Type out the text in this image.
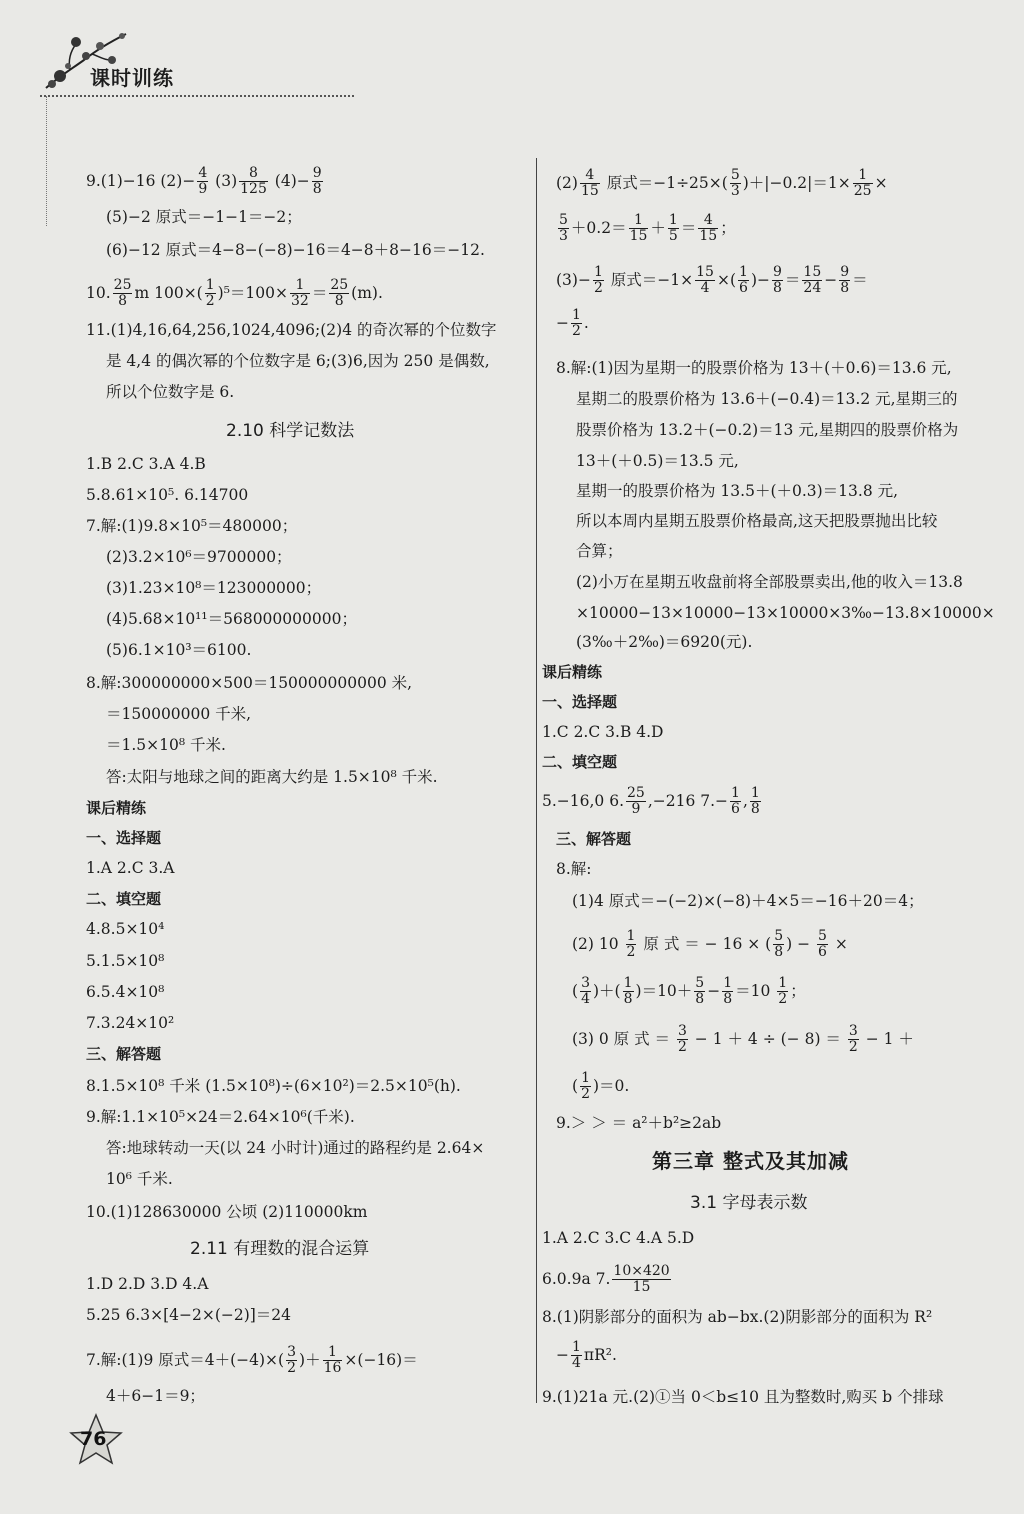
课时训练
9.(1)−16 $(2)- \frac{4}{9} (3) \frac{8}{125} (4)- \frac{9}{8}$
(5)−2 原式＝−1−1＝−2；
(6)−12 原式＝4−8−(−8)−16＝4−8＋8−16＝−12.
10. $\frac{25}{8}$ m $100\times( \frac{1}{2} )^5=100\times \frac{1}{32} = \frac{25}{8} (m)$.
11.(1)4,16,64,256,1024,4096;(2)4 的奇次幂的个位数字
是 4,4 的偶次幂的个位数字是 6;(3)6,因为 250 是偶数,
所以个位数字是 6.
2.10 科学记数法
1.B 2.C 3.A 4.B
5.8.61×10⁵. 6.14700
7.解:(1)9.8×10⁵＝480000；
(2)3.2×10⁶＝9700000；
(3)1.23×10⁸＝123000000；
(4)5.68×10¹¹＝568000000000；
(5)6.1×10³＝6100.
8.解:300000000×500＝150000000000 米,
＝150000000 千米,
＝1.5×10⁸ 千米.
答:太阳与地球之间的距离大约是 1.5×10⁸ 千米.
课后精练
一、选择题
1.A 2.C 3.A
二、填空题
4.8.5×10⁴
5.1.5×10⁸
6.5.4×10⁸
7.3.24×10²
三、解答题
8.1.5×10⁸ 千米 (1.5×10⁸)÷(6×10²)＝2.5×10⁵(h).
9.解:1.1×10⁵×24＝2.64×10⁶(千米).
答:地球转动一天(以 24 小时计)通过的路程约是 2.64×
10⁶ 千米.
10.(1)128630000 公顷 (2)110000km
2.11 有理数的混合运算
1.D 2.D 3.D 4.A
5.25 6.3×[4−2×(−2)]＝24
7.解:(1)9 原式$=4+(-4)\times( \frac{3}{2}$ )＋ $\frac{1}{16} \times(-16)=$
4＋6−1＝9；
$(2) \frac{4}{15}$ 原式$=-1\div 25\times( \frac{5}{3} )+|-0.2|=1\times \frac{1}{25}$ ×
$\frac{5}{3} +0.2= \frac{1}{15} + \frac{1}{5} = \frac{4}{15}$ ；
$(3)- \frac{1}{2}$ 原式$=-1\times \frac{15}{4}$ ×( $\frac{1}{6}$ )− $\frac{9}{8} = \frac{15}{24} - \frac{9}{8}$ ＝
− $\frac{1}{2}$ .
8.解:(1)因为星期一的股票价格为 13＋(＋0.6)＝13.6 元,
星期二的股票价格为 13.6＋(−0.4)＝13.2 元,星期三的
股票价格为 13.2＋(−0.2)＝13 元,星期四的股票价格为
13＋(＋0.5)＝13.5 元,
星期一的股票价格为 13.5＋(＋0.3)＝13.8 元,
所以本周内星期五股票价格最高,这天把股票抛出比较
合算；
(2)小万在星期五收盘前将全部股票卖出,他的收入＝13.8
×10000−13×10000−13×10000×3‰−13.8×10000×
(3‰＋2‰)＝6920(元).
课后精练
一、选择题
1.C 2.C 3.B 4.D
二、填空题
5.−16,0 6. $\frac{25}{9} ,-216$ $7.- \frac{1}{6}$ , $\frac{1}{8}$
三、解答题
8.解:
(1)4 原式＝−(−2)×(−8)＋4×5＝−16＋20＝4；
(2) $10 \frac{1}{2}$ 原 式 ＝ − 16 × ( $\frac{5}{8}$ ) − $\frac{5}{6}$ ×
( $\frac{3}{4}$ )＋( $\frac{1}{8} )=10+ \frac{5}{8} - \frac{1}{8} =10 \frac{1}{2}$ ；
(3) 0 原 式 ＝ $\frac{3}{2} - 1 + 4$ ÷ (− $8) = \frac{3}{2} - 1$ ＋
( $\frac{1}{2} )=0$.
9.＞ ＞ ＝ a²＋b²≥2ab
第三章 整式及其加减
3.1 字母表示数
1.A 2.C 3.C 4.A 5.D
6.0.9a 7. $\frac{10\times 420}{15}$
8.(1)阴影部分的面积为 ab−bx.(2)阴影部分的面积为 R²
− $\frac{1}{4} \pi R^2$.
9.(1)21a 元.(2)①当 0＜b≤10 且为整数时,购买 b 个排球
76
